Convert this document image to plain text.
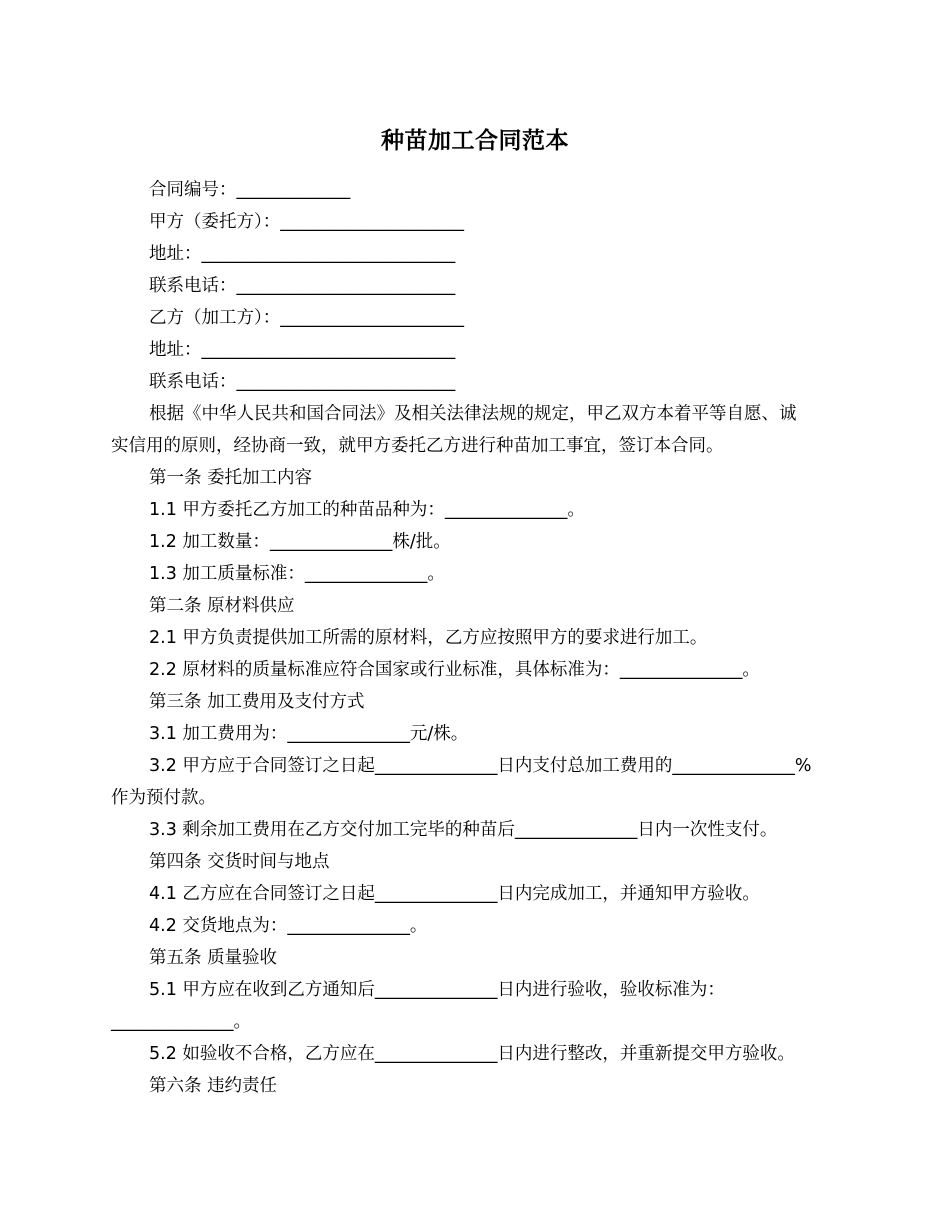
种苗加工合同范本
合同编号：_____________
甲方（委托方）：_____________________
地址：_____________________________
联系电话：_________________________
乙方（加工方）：_____________________
地址：_____________________________
联系电话：_________________________
根据《中华人民共和国合同法》及相关法律法规的规定，甲乙双方本着平等自愿、诚
实信用的原则，经协商一致，就甲方委托乙方进行种苗加工事宜，签订本合同。
第一条 委托加工内容
1.1 甲方委托乙方加工的种苗品种为：______________。
1.2 加工数量：______________株/批。
1.3 加工质量标准：______________。
第二条 原材料供应
2.1 甲方负责提供加工所需的原材料，乙方应按照甲方的要求进行加工。
2.2 原材料的质量标准应符合国家或行业标准，具体标准为：______________。
第三条 加工费用及支付方式
3.1 加工费用为：______________元/株。
3.2 甲方应于合同签订之日起______________日内支付总加工费用的______________%
作为预付款。
3.3 剩余加工费用在乙方交付加工完毕的种苗后______________日内一次性支付。
第四条 交货时间与地点
4.1 乙方应在合同签订之日起______________日内完成加工，并通知甲方验收。
4.2 交货地点为：______________。
第五条 质量验收
5.1 甲方应在收到乙方通知后______________日内进行验收，验收标准为：
______________。
5.2 如验收不合格，乙方应在______________日内进行整改，并重新提交甲方验收。
第六条 违约责任
